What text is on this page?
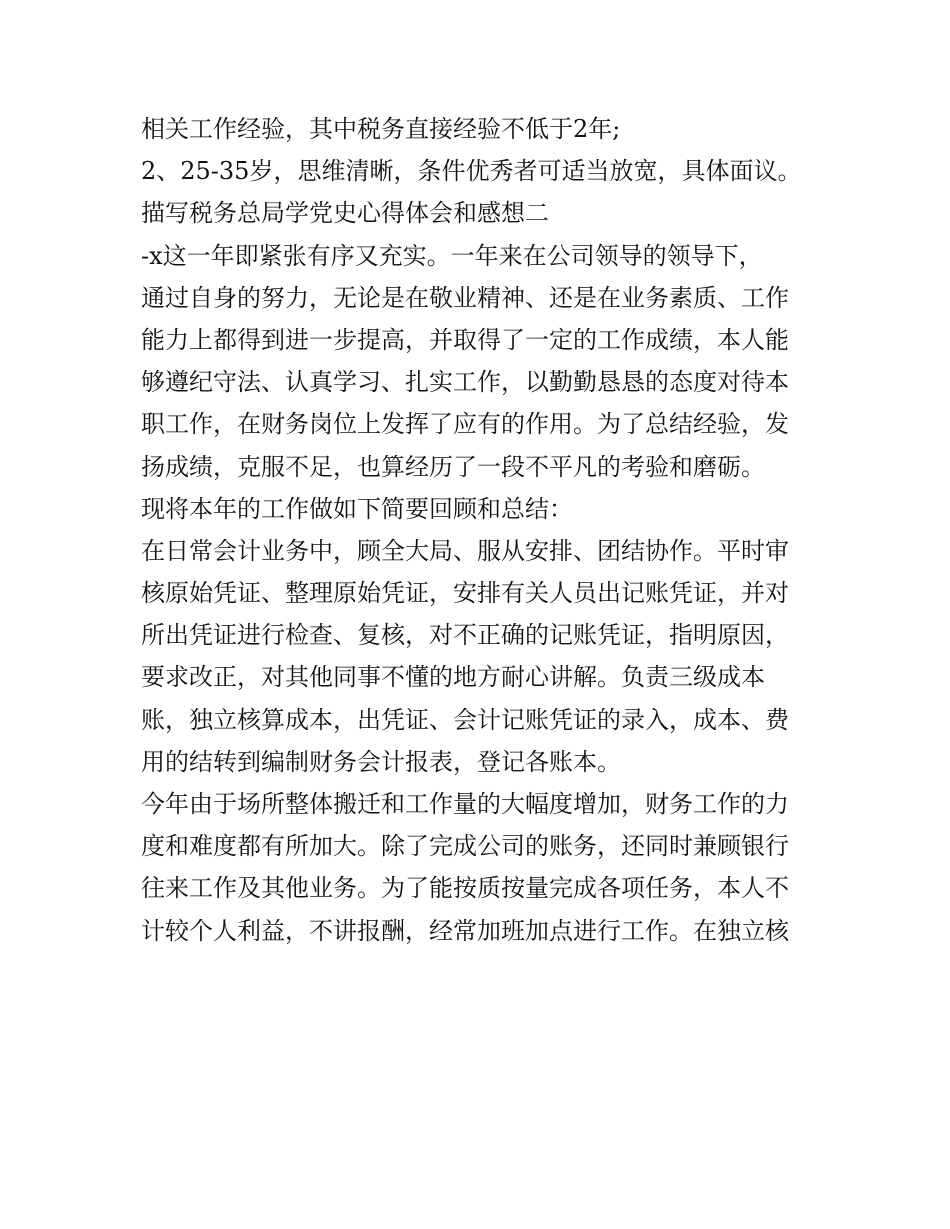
相关工作经验，其中税务直接经验不低于2年;
2、25-35岁，思维清晰，条件优秀者可适当放宽，具体面议。
描写税务总局学党史心得体会和感想二
-x这一年即紧张有序又充实。一年来在公司领导的领导下，
通过自身的努力，无论是在敬业精神、还是在业务素质、工作
能力上都得到进一步提高，并取得了一定的工作成绩，本人能
够遵纪守法、认真学习、扎实工作，以勤勤恳恳的态度对待本
职工作，在财务岗位上发挥了应有的作用。为了总结经验，发
扬成绩，克服不足，也算经历了一段不平凡的考验和磨砺。
现将本年的工作做如下简要回顾和总结：
在日常会计业务中，顾全大局、服从安排、团结协作。平时审
核原始凭证、整理原始凭证，安排有关人员出记账凭证，并对
所出凭证进行检查、复核，对不正确的记账凭证，指明原因，
要求改正，对其他同事不懂的地方耐心讲解。负责三级成本
账，独立核算成本，出凭证、会计记账凭证的录入，成本、费
用的结转到编制财务会计报表，登记各账本。
今年由于场所整体搬迁和工作量的大幅度增加，财务工作的力
度和难度都有所加大。除了完成公司的账务，还同时兼顾银行
往来工作及其他业务。为了能按质按量完成各项任务，本人不
计较个人利益，不讲报酬，经常加班加点进行工作。在独立核
